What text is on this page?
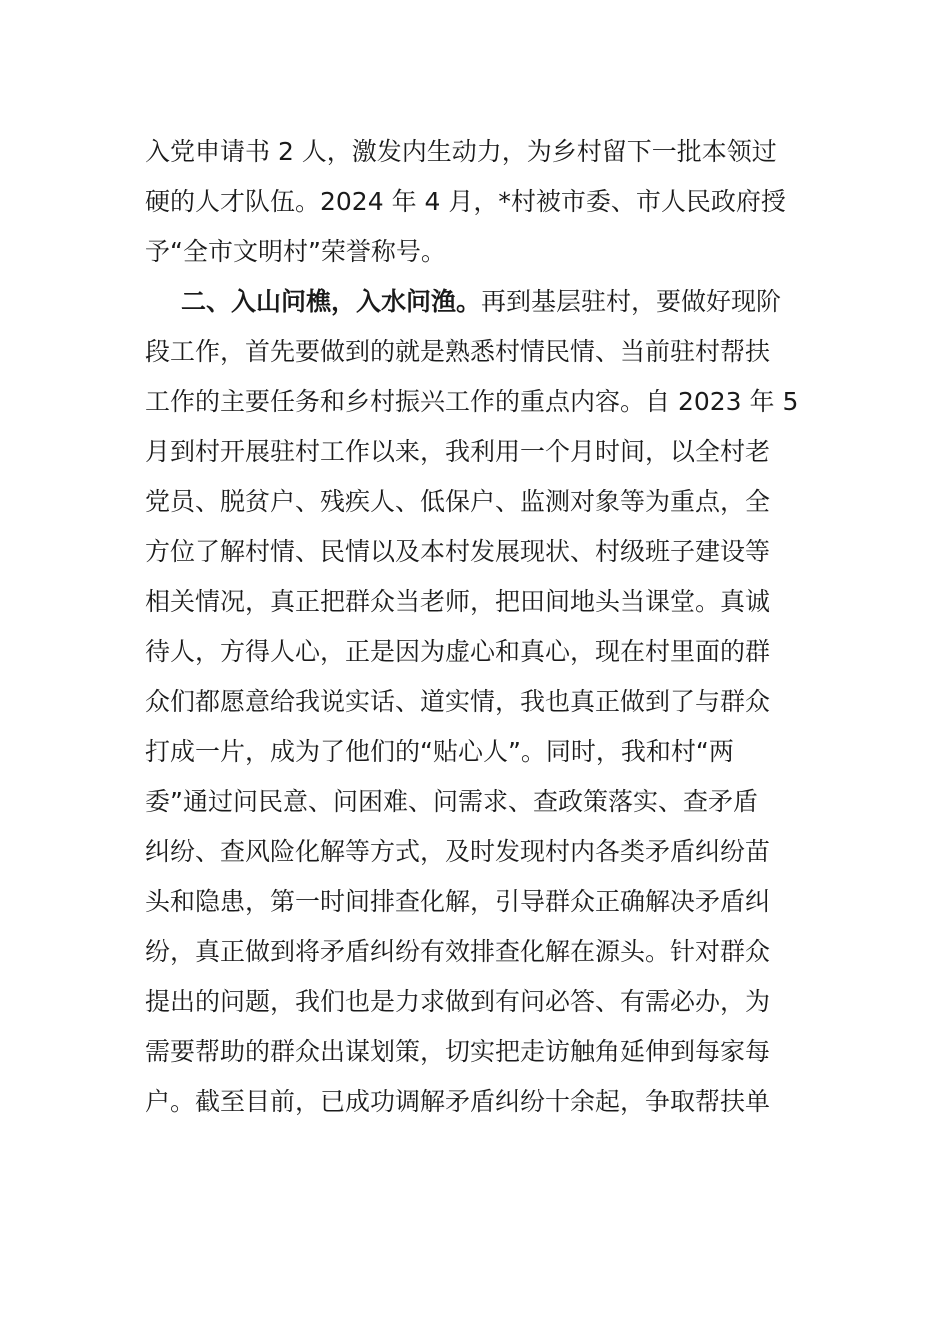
入党申请书 2 人，激发内生动力，为乡村留下一批本领过
硬的人才队伍。2024 年 4 月，*村被市委、市人民政府授
予“全市文明村”荣誉称号。
二、入山问樵，入水问渔。再到基层驻村，要做好现阶
段工作，首先要做到的就是熟悉村情民情、当前驻村帮扶
工作的主要任务和乡村振兴工作的重点内容。自 2023 年 5
月到村开展驻村工作以来，我利用一个月时间，以全村老
党员、脱贫户、残疾人、低保户、监测对象等为重点，全
方位了解村情、民情以及本村发展现状、村级班子建设等
相关情况，真正把群众当老师，把田间地头当课堂。真诚
待人，方得人心，正是因为虚心和真心，现在村里面的群
众们都愿意给我说实话、道实情，我也真正做到了与群众
打成一片，成为了他们的“贴心人”。同时，我和村“两
委”通过问民意、问困难、问需求、查政策落实、查矛盾
纠纷、查风险化解等方式，及时发现村内各类矛盾纠纷苗
头和隐患，第一时间排查化解，引导群众正确解决矛盾纠
纷，真正做到将矛盾纠纷有效排查化解在源头。针对群众
提出的问题，我们也是力求做到有问必答、有需必办，为
需要帮助的群众出谋划策，切实把走访触角延伸到每家每
户。截至目前，已成功调解矛盾纠纷十余起，争取帮扶单
